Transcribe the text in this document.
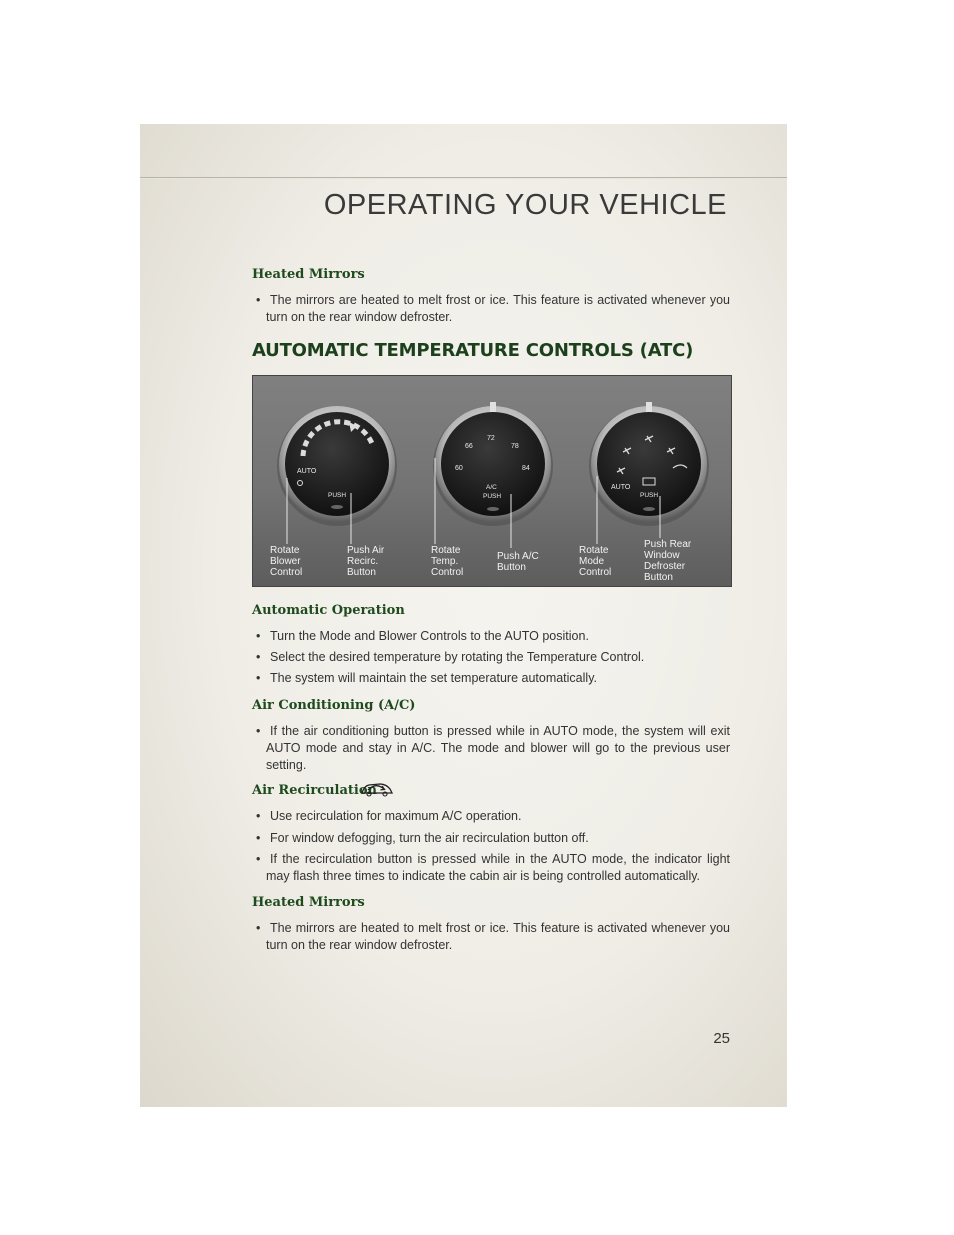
OPERATING YOUR VEHICLE
Heated Mirrors
• The mirrors are heated to melt frost or ice. This feature is activated whenever you turn on the rear window defroster.
AUTOMATIC TEMPERATURE CONTROLS (ATC)
Automatic Operation
• Turn the Mode and Blower Controls to the AUTO position.
• Select the desired temperature by rotating the Temperature Control.
• The system will maintain the set temperature automatically.
Air Conditioning (A/C)
• If the air conditioning button is pressed while in AUTO mode, the system will exit AUTO mode and stay in A/C. The mode and blower will go to the previous user setting.
Air Recirculation
• Use recirculation for maximum A/C operation.
• For window defogging, turn the air recirculation button off.
• If the recirculation button is pressed while in the AUTO mode, the indicator light may flash three times to indicate the cabin air is being controlled automatically.
Heated Mirrors
• The mirrors are heated to melt frost or ice. This feature is activated whenever you turn on the rear window defroster.
AUTO
PUSH
60
66
72
78
84
A/C
PUSH
AUTO
PUSH
Rotate
Blower
Control
Push Air
Recirc.
Button
Rotate
Temp.
Control
Push A/C
Button
Rotate
Mode
Control
Push Rear
Window
Defroster
Button
25
